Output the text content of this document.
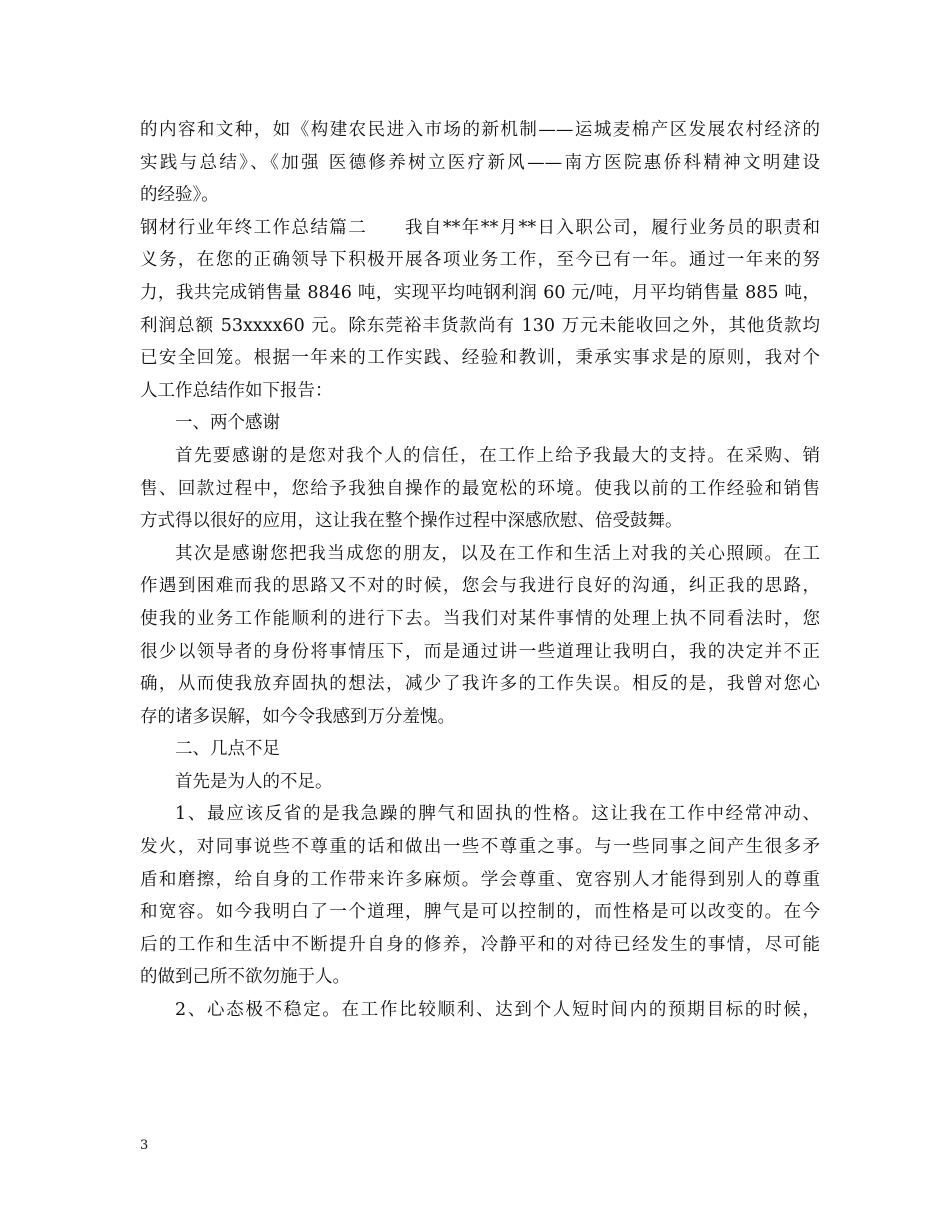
的内容和文种，如《构建农民进入市场的新机制——运城麦棉产区发展农村经济的
实践与总结》、《加强 医德修养树立医疗新风——南方医院惠侨科精神文明建设
的经验》。
钢材行业年终工作总结篇二　　我自**年**月**日入职公司，履行业务员的职责和
义务，在您的正确领导下积极开展各项业务工作，至今已有一年。通过一年来的努
力，我共完成销售量 8846 吨，实现平均吨钢利润 60 元/吨，月平均销售量 885 吨，
利润总额 53xxxx60 元。除东莞裕丰货款尚有 130 万元未能收回之外，其他货款均
已安全回笼。根据一年来的工作实践、经验和教训，秉承实事求是的原则，我对个
人工作总结作如下报告：
一、两个感谢
首先要感谢的是您对我个人的信任，在工作上给予我最大的支持。在采购、销
售、回款过程中，您给予我独自操作的最宽松的环境。使我以前的工作经验和销售
方式得以很好的应用，这让我在整个操作过程中深感欣慰、倍受鼓舞。
其次是感谢您把我当成您的朋友，以及在工作和生活上对我的关心照顾。在工
作遇到困难而我的思路又不对的时候，您会与我进行良好的沟通，纠正我的思路，
使我的业务工作能顺利的进行下去。当我们对某件事情的处理上执不同看法时，您
很少以领导者的身份将事情压下，而是通过讲一些道理让我明白，我的决定并不正
确，从而使我放弃固执的想法，减少了我许多的工作失误。相反的是，我曾对您心
存的诸多误解，如今令我感到万分羞愧。
二、几点不足
首先是为人的不足。
1、最应该反省的是我急躁的脾气和固执的性格。这让我在工作中经常冲动、
发火，对同事说些不尊重的话和做出一些不尊重之事。与一些同事之间产生很多矛
盾和磨擦，给自身的工作带来许多麻烦。学会尊重、宽容别人才能得到别人的尊重
和宽容。如今我明白了一个道理，脾气是可以控制的，而性格是可以改变的。在今
后的工作和生活中不断提升自身的修养，冷静平和的对待已经发生的事情，尽可能
的做到己所不欲勿施于人。
2、心态极不稳定。在工作比较顺利、达到个人短时间内的预期目标的时候，
3
